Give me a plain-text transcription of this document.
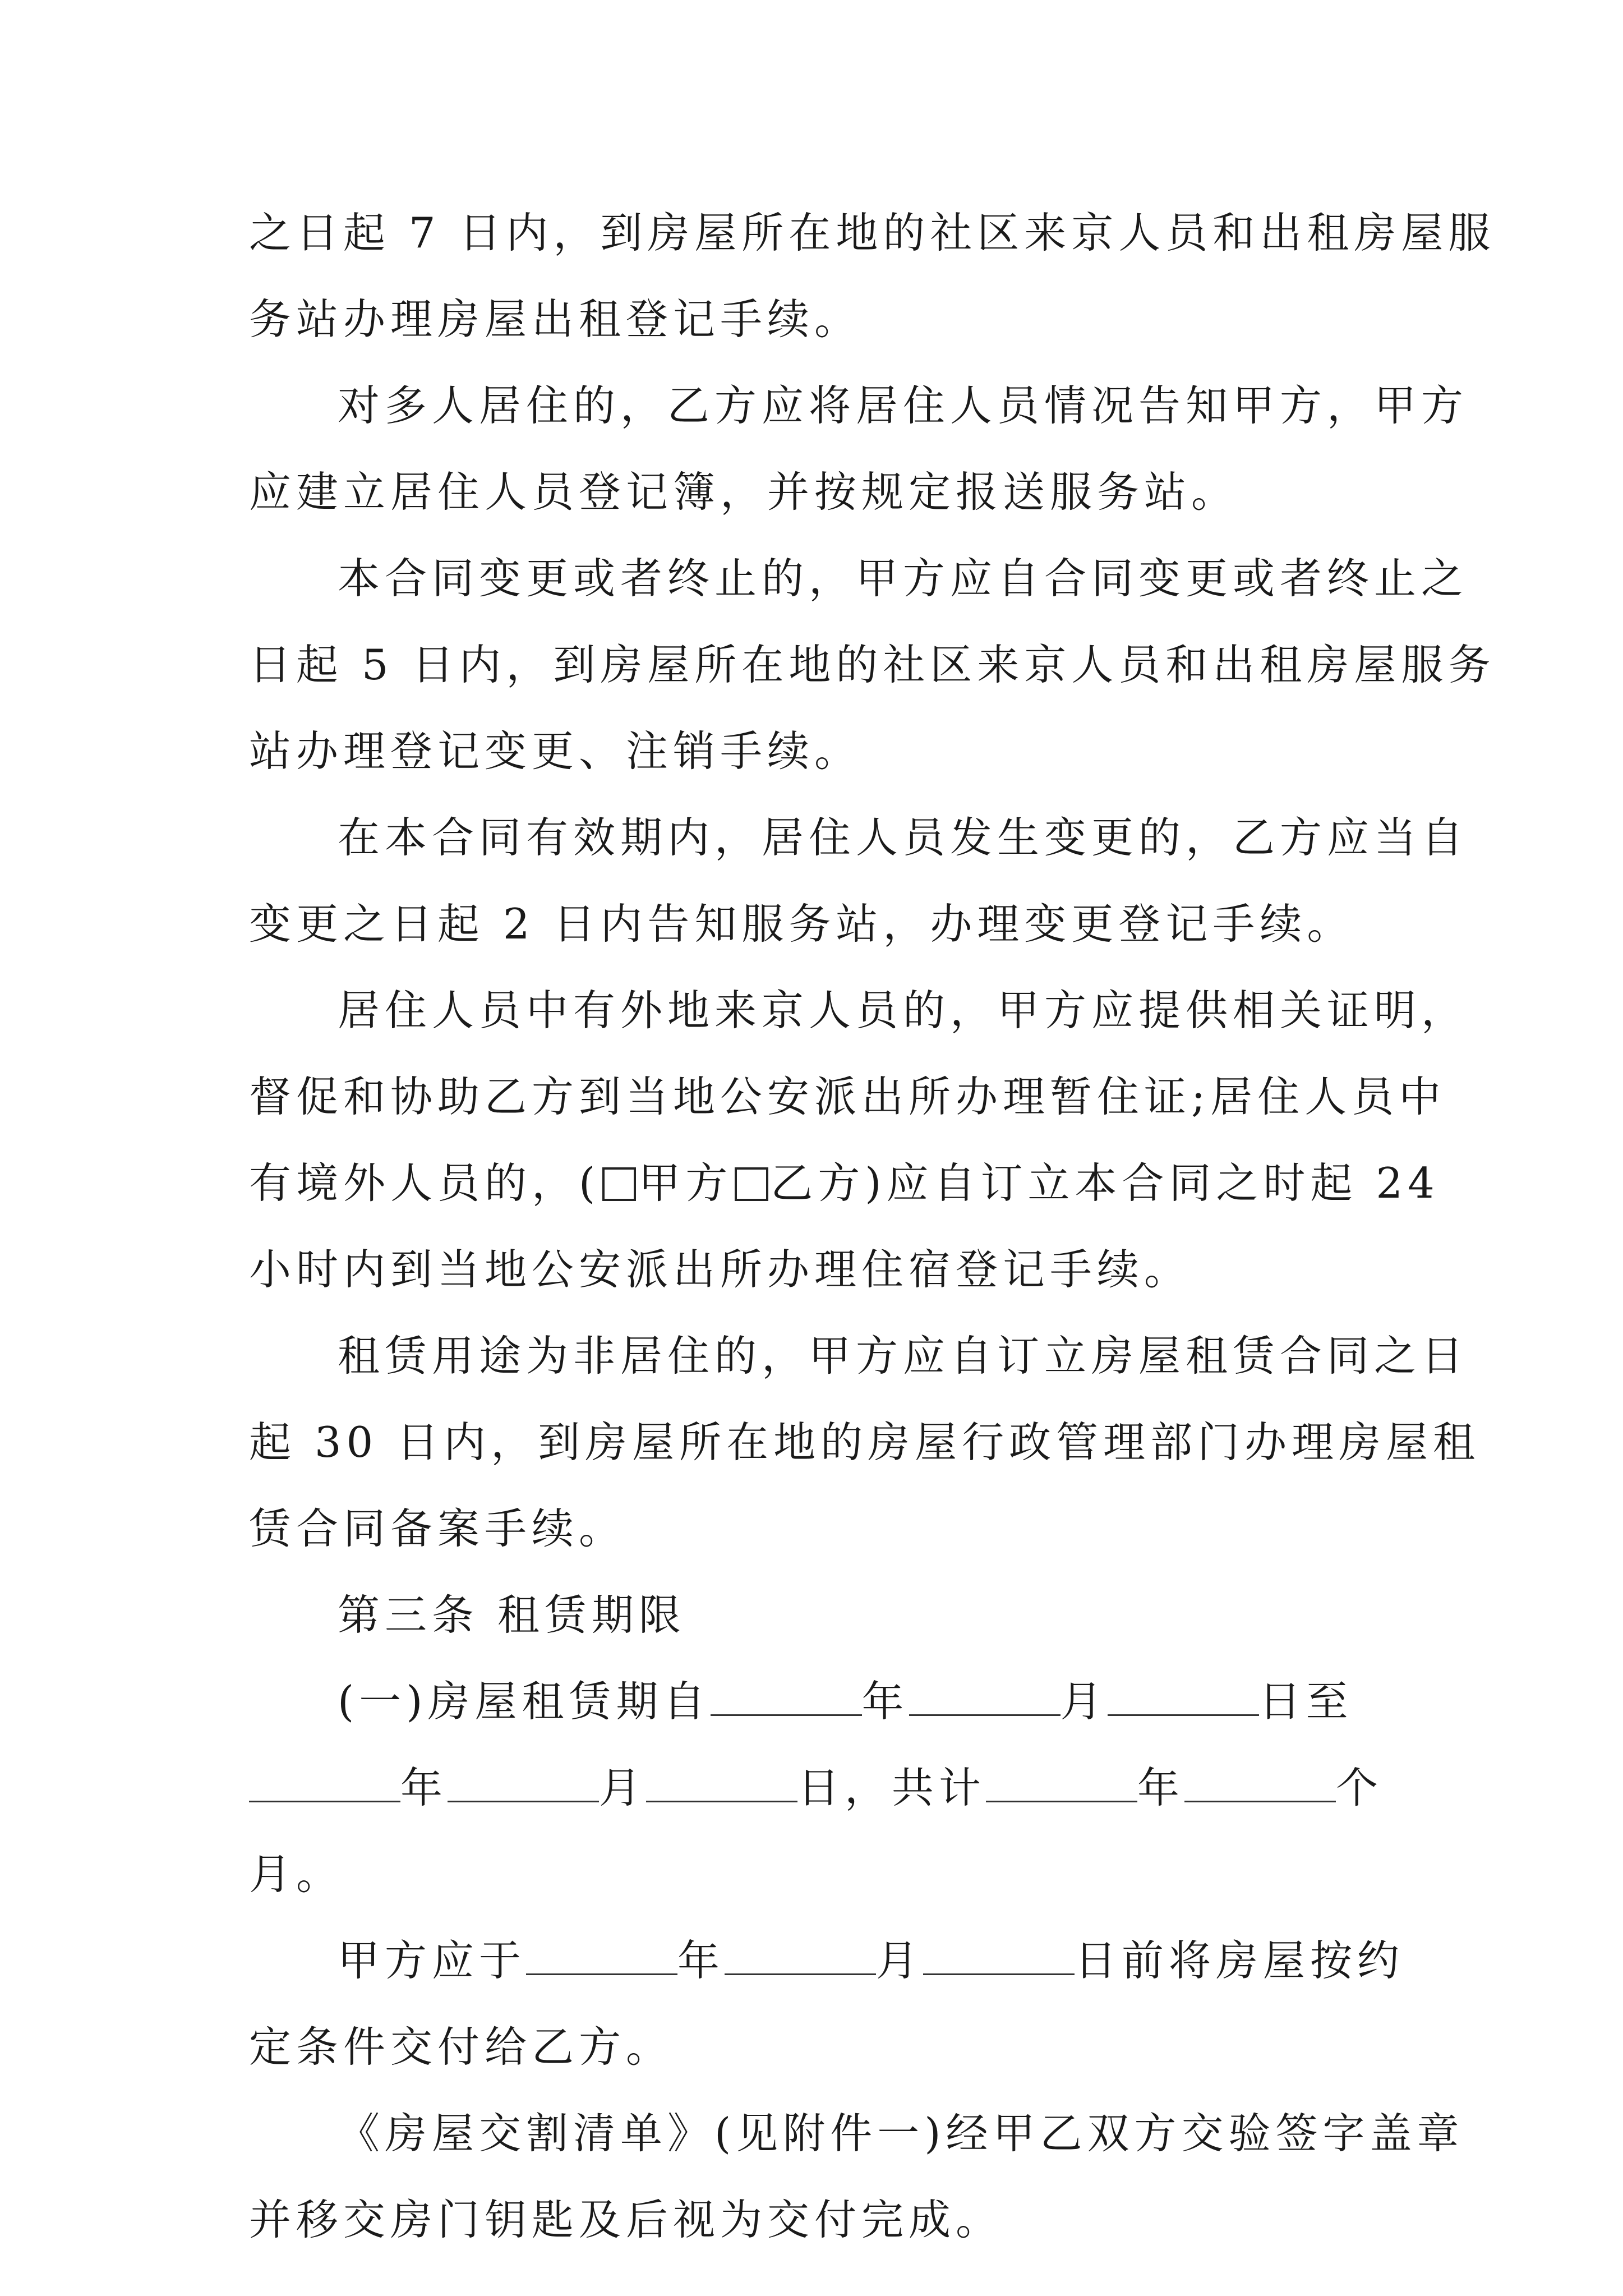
之日起 7 日内，到房屋所在地的社区来京人员和出租房屋服
务站办理房屋出租登记手续。
对多人居住的，乙方应将居住人员情况告知甲方，甲方
应建立居住人员登记簿，并按规定报送服务站。
本合同变更或者终止的，甲方应自合同变更或者终止之
日起 5 日内，到房屋所在地的社区来京人员和出租房屋服务
站办理登记变更、注销手续。
在本合同有效期内，居住人员发生变更的，乙方应当自
变更之日起 2 日内告知服务站，办理变更登记手续。
居住人员中有外地来京人员的，甲方应提供相关证明，
督促和协助乙方到当地公安派出所办理暂住证;居住人员中
有境外人员的，( 甲方 乙方)应自订立本合同之时起 24
小时内到当地公安派出所办理住宿登记手续。
租赁用途为非居住的，甲方应自订立房屋租赁合同之日
起 30 日内，到房屋所在地的房屋行政管理部门办理房屋租
赁合同备案手续。
第三条 租赁期限
(一)房屋租赁期自	年	月	日至
年	月	日，共计	年	个
月。
甲方应于	年	月	日前将房屋按约
定条件交付给乙方。
《房屋交割清单》(见附件一)经甲乙双方交验签字盖章
并移交房门钥匙及后视为交付完成。
